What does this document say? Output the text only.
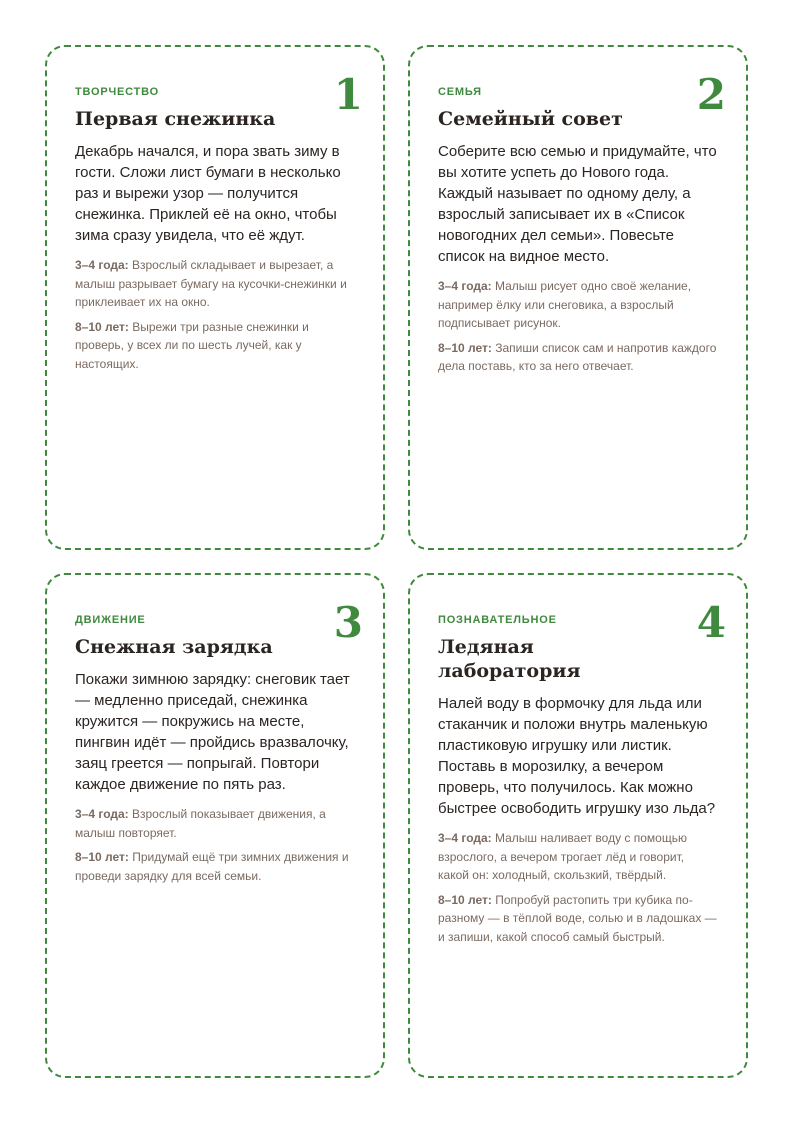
1
ТВОРЧЕСТВО
Первая снежинка

Декабрь начался, и пора звать зиму в гости. Сложи лист бумаги в несколько раз и вырежи узор — получится снежинка. Приклей её на окно, чтобы зима сразу увидела, что её ждут.

3–4 года: Взрослый складывает и вырезает, а малыш разрывает бумагу на кусочки-снежинки и приклеивает их на окно.

8–10 лет: Вырежи три разные снежинки и проверь, у всех ли по шесть лучей, как у настоящих.

2
СЕМЬЯ
Семейный совет

Соберите всю семью и придумайте, что вы хотите успеть до Нового года. Каждый называет по одному делу, а взрослый записывает их в «Список новогодних дел семьи». Повесьте список на видное место.

3–4 года: Малыш рисует одно своё желание, например ёлку или снеговика, а взрослый подписывает рисунок.

8–10 лет: Запиши список сам и напротив каждого дела поставь, кто за него отвечает.

3
ДВИЖЕНИЕ
Снежная зарядка

Покажи зимнюю зарядку: снеговик тает — медленно приседай, снежинка кружится — покружись на месте, пингвин идёт — пройдись вразвалочку, заяц греется — попрыгай. Повтори каждое движение по пять раз.

3–4 года: Взрослый показывает движения, а малыш повторяет.

8–10 лет: Придумай ещё три зимних движения и проведи зарядку для всей семьи.

4
ПОЗНАВАТЕЛЬНОЕ
Ледяная лаборатория

Налей воду в формочку для льда или стаканчик и положи внутрь маленькую пластиковую игрушку или листик. Поставь в морозилку, а вечером проверь, что получилось. Как можно быстрее освободить игрушку изо льда?

3–4 года: Малыш наливает воду с помощью взрослого, а вечером трогает лёд и говорит, какой он: холодный, скользкий, твёрдый.

8–10 лет: Попробуй растопить три кубика по-разному — в тёплой воде, солью и в ладошках — и запиши, какой способ самый быстрый.
